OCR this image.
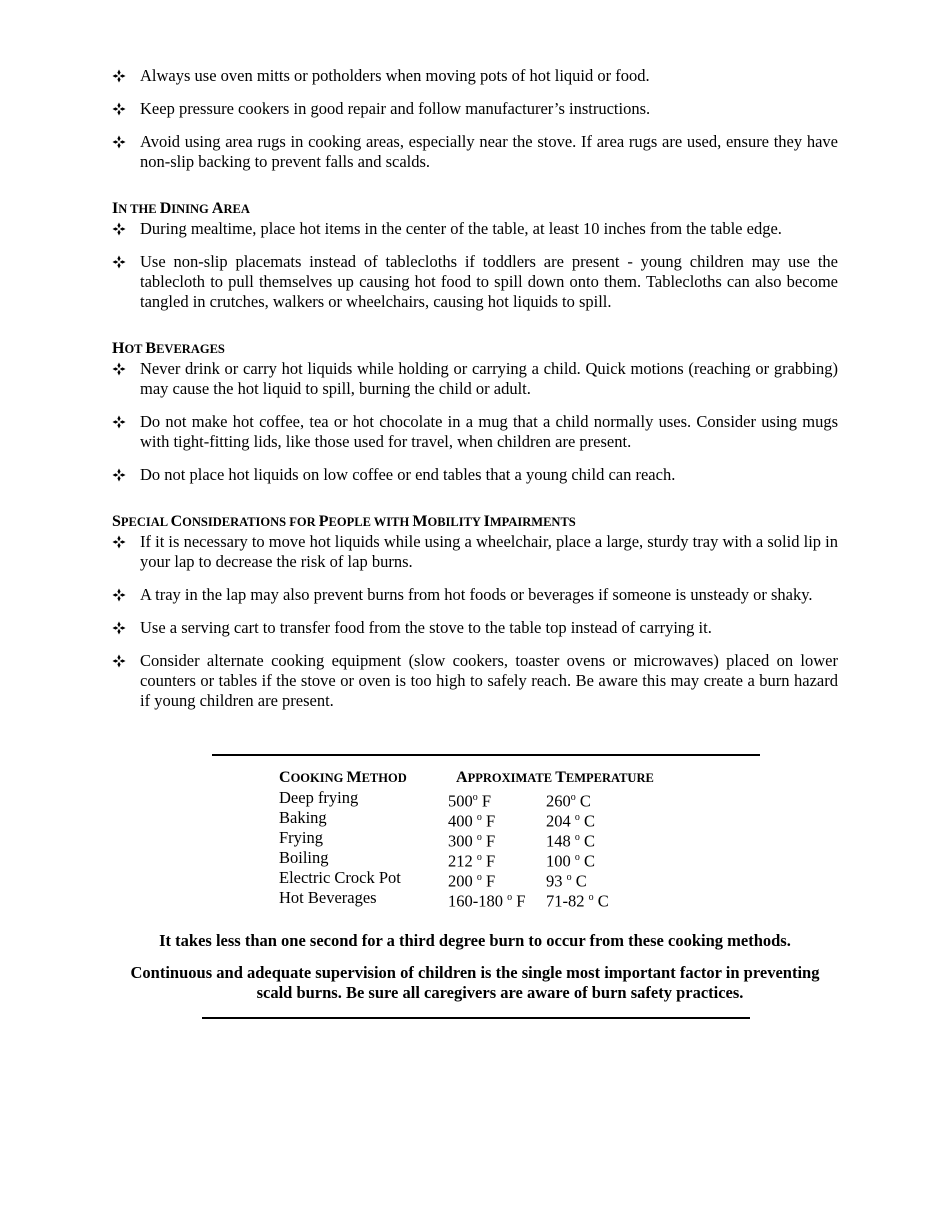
Always use oven mitts or potholders when moving pots of hot liquid or food.
Keep pressure cookers in good repair and follow manufacturer’s instructions.
Avoid using area rugs in cooking areas, especially near the stove. If area rugs are used, ensure they have non-slip backing to prevent falls and scalds.
IN THE DINING AREA
During mealtime, place hot items in the center of the table, at least 10 inches from the table edge.
Use non-slip placemats instead of tablecloths if toddlers are present - young children may use the tablecloth to pull themselves up causing hot food to spill down onto them. Tablecloths can also become tangled in crutches, walkers or wheelchairs, causing hot liquids to spill.
HOT BEVERAGES
Never drink or carry hot liquids while holding or carrying a child. Quick motions (reaching or grabbing) may cause the hot liquid to spill, burning the child or adult.
Do not make hot coffee, tea or hot chocolate in a mug that a child normally uses. Consider using mugs with tight-fitting lids, like those used for travel, when children are present.
Do not place hot liquids on low coffee or end tables that a young child can reach.
SPECIAL CONSIDERATIONS FOR PEOPLE WITH MOBILITY IMPAIRMENTS
If it is necessary to move hot liquids while using a wheelchair, place a large, sturdy tray with a solid lip in your lap to decrease the risk of lap burns.
A tray in the lap may also prevent burns from hot foods or beverages if someone is unsteady or shaky.
Use a serving cart to transfer food from the stove to the table top instead of carrying it.
Consider alternate cooking equipment (slow cookers, toaster ovens or microwaves) placed on lower counters or tables if the stove or oven is too high to safely reach. Be aware this may create a burn hazard if young children are present.
COOKING METHOD	APPROXIMATE TEMPERATURE
Deep frying	500$^o$ F	260$^o$ C
Baking	400 $^o$ F	204 $^o$ C
Frying	300 $^o$ F	148 $^o$ C
Boiling	212 $^o$ F	100 $^o$ C
Electric Crock Pot	200 $^o$ F	93 $^o$ C
Hot Beverages	160-180 $^o$ F 71-82 $^o$ C
It takes less than one second for a third degree burn to occur from these cooking methods.
Continuous and adequate supervision of children is the single most important factor in preventing
scald burns. Be sure all caregivers are aware of burn safety practices.
